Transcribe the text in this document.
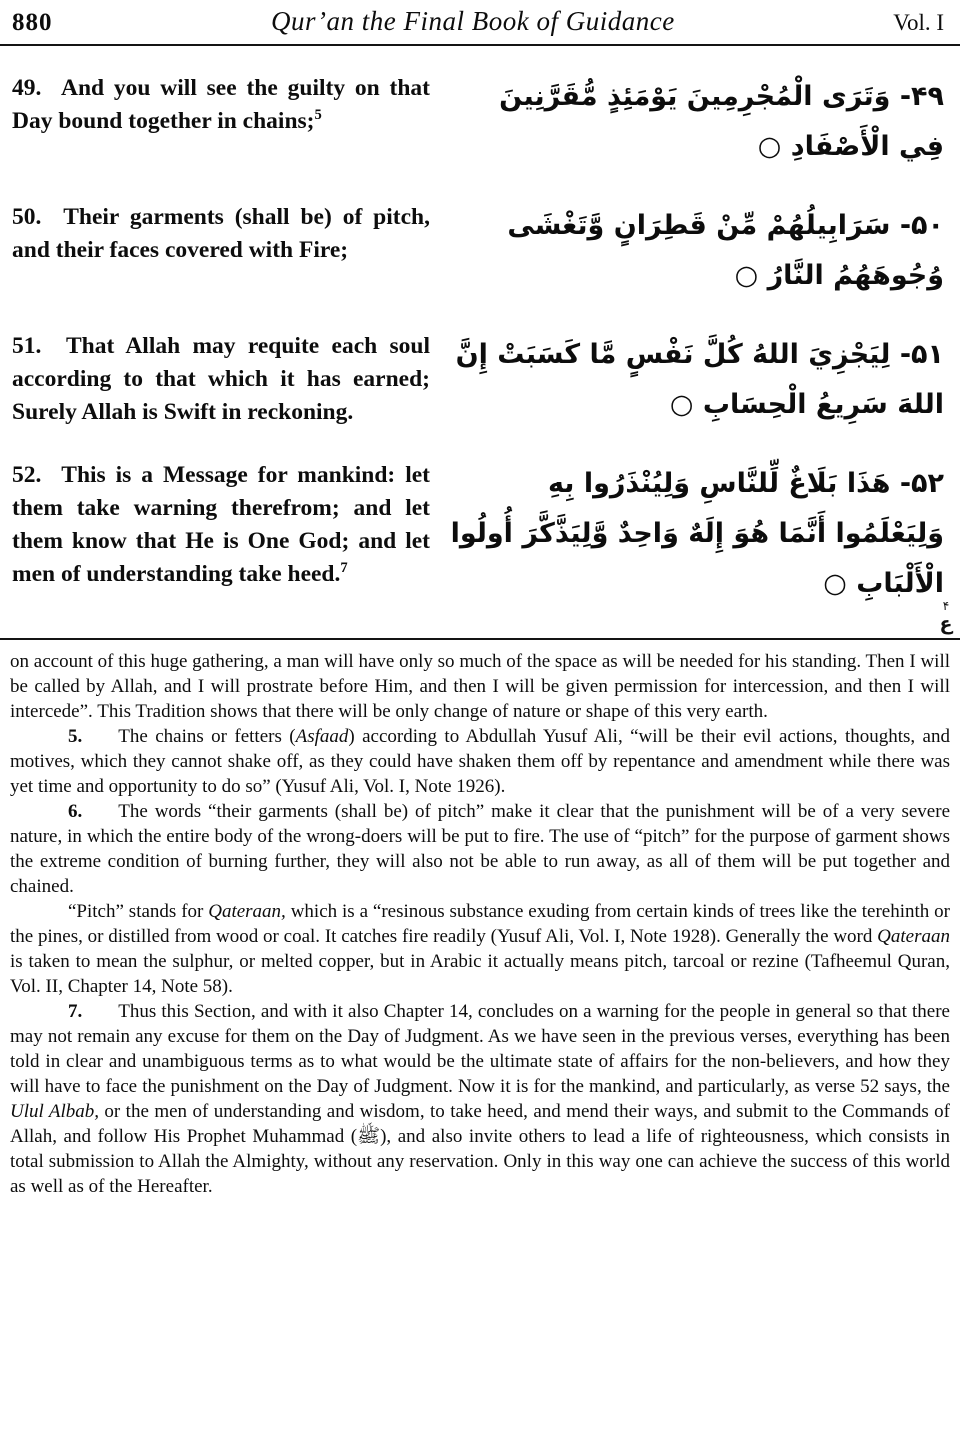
880	Qur’an the Final Book of Guidance	Vol. I
49.  And you will see the guilty on that Day bound together in chains;$^5$
۴۹- وَتَرَى الْمُجْرِمِينَ يَوْمَئِذٍ مُّقَرَّنِينَ فِي الْأَصْفَادِ ○
50.  Their garments (shall be) of pitch, and their faces covered with Fire;
۵۰- سَرَابِيلُهُمْ مِّنْ قَطِرَانٍ وَّتَغْشَى وُجُوهَهُمُ النَّارُ ○
51.  That Allah may requite each soul according to that which it has earned; Surely Allah is Swift in reckoning.
۵۱- لِيَجْزِيَ اللهُ كُلَّ نَفْسٍ مَّا كَسَبَتْ إِنَّ اللهَ سَرِيعُ الْحِسَابِ ○
52.  This is a Message for mankind: let them take warning therefrom; and let them know that He is One God; and let men of understanding take heed.$^7$
۵۲- هَذَا بَلَاغٌ لِّلنَّاسِ وَلِيُنْذَرُوا بِهِ وَلِيَعْلَمُوا أَنَّمَا هُوَ إِلَهٌ وَاحِدٌ وَّلِيَذَّكَّرَ أُولُوا الْأَلْبَابِ ○
۴
ع

on account of this huge gathering, a man will have only so much of the space as will be needed for his standing. Then I will be called by Allah, and I will prostrate before Him, and then I will be given permission for intercession, and then I will intercede”. This Tradition shows that there will be only change of nature or shape of this very earth.

5. The chains or fetters (Asfaad) according to Abdullah Yusuf Ali, “will be their evil actions, thoughts, and motives, which they cannot shake off, as they could have shaken them off by repentance and amendment while there was yet time and opportunity to do so” (Yusuf Ali, Vol. I, Note 1926).

6. The words “their garments (shall be) of pitch” make it clear that the punishment will be of a very severe nature, in which the entire body of the wrong-doers will be put to fire. The use of “pitch” for the purpose of garment shows the extreme condition of burning further, they will also not be able to run away, as all of them will be put together and chained.

“Pitch” stands for Qateraan, which is a “resinous substance exuding from certain kinds of trees like the terehinth or the pines, or distilled from wood or coal. It catches fire readily (Yusuf Ali, Vol. I, Note 1928). Generally the word Qateraan is taken to mean the sulphur, or melted copper, but in Arabic it actually means pitch, tarcoal or rezine (Tafheemul Quran, Vol. II, Chapter 14, Note 58).

7. Thus this Section, and with it also Chapter 14, concludes on a warning for the people in general so that there may not remain any excuse for them on the Day of Judgment. As we have seen in the previous verses, everything has been told in clear and unambiguous terms as to what would be the ultimate state of affairs for the non-believers, and how they will have to face the punishment on the Day of Judgment. Now it is for the mankind, and particularly, as verse 52 says, the Ulul Albab, or the men of understanding and wisdom, to take heed, and mend their ways, and submit to the Commands of Allah, and follow His Prophet Muhammad (ﷺ), and also invite others to lead a life of righteousness, which consists in total submission to Allah the Almighty, without any reservation. Only in this way one can achieve the success of this world as well as of the Hereafter.
